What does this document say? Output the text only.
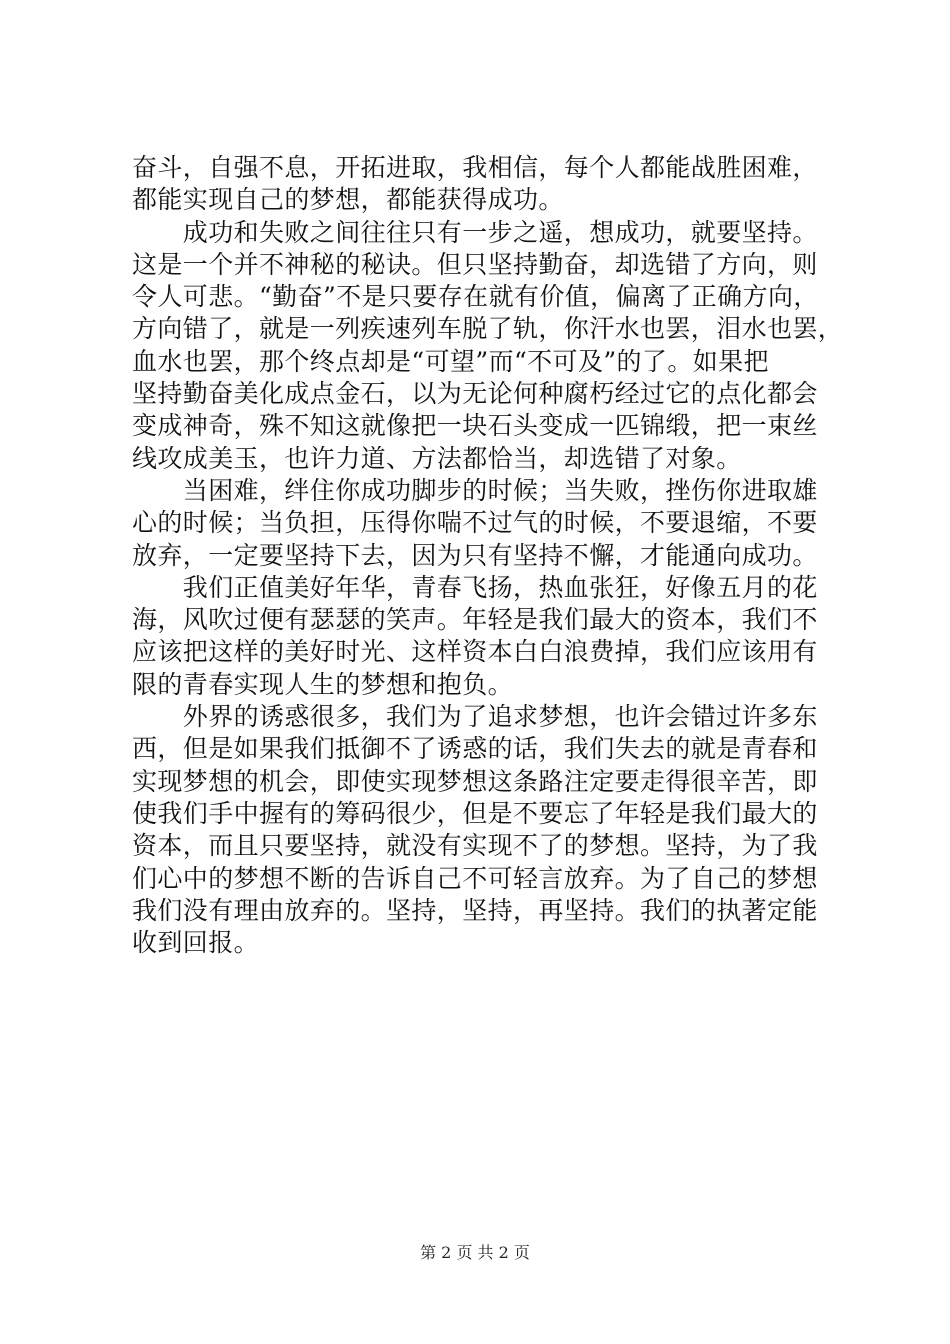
奋斗，自强不息，开拓进取，我相信，每个人都能战胜困难，
都能实现自己的梦想，都能获得成功。
　　成功和失败之间往往只有一步之遥，想成功，就要坚持。
这是一个并不神秘的秘诀。但只坚持勤奋，却选错了方向，则
令人可悲。“勤奋”不是只要存在就有价值，偏离了正确方向，
方向错了，就是一列疾速列车脱了轨，你汗水也罢，泪水也罢，
血水也罢，那个终点却是“可望”而“不可及”的了。如果把
坚持勤奋美化成点金石，以为无论何种腐朽经过它的点化都会
变成神奇，殊不知这就像把一块石头变成一匹锦缎，把一束丝
线攻成美玉，也许力道、方法都恰当，却选错了对象。
　　当困难，绊住你成功脚步的时候；当失败，挫伤你进取雄
心的时候；当负担，压得你喘不过气的时候，不要退缩，不要
放弃，一定要坚持下去，因为只有坚持不懈，才能通向成功。
　　我们正值美好年华，青春飞扬，热血张狂，好像五月的花
海，风吹过便有瑟瑟的笑声。年轻是我们最大的资本，我们不
应该把这样的美好时光、这样资本白白浪费掉，我们应该用有
限的青春实现人生的梦想和抱负。
　　外界的诱惑很多，我们为了追求梦想，也许会错过许多东
西，但是如果我们抵御不了诱惑的话，我们失去的就是青春和
实现梦想的机会，即使实现梦想这条路注定要走得很辛苦，即
使我们手中握有的筹码很少，但是不要忘了年轻是我们最大的
资本，而且只要坚持，就没有实现不了的梦想。坚持，为了我
们心中的梦想不断的告诉自己不可轻言放弃。为了自己的梦想
我们没有理由放弃的。坚持，坚持，再坚持。我们的执著定能
收到回报。
第 2 页 共 2 页
